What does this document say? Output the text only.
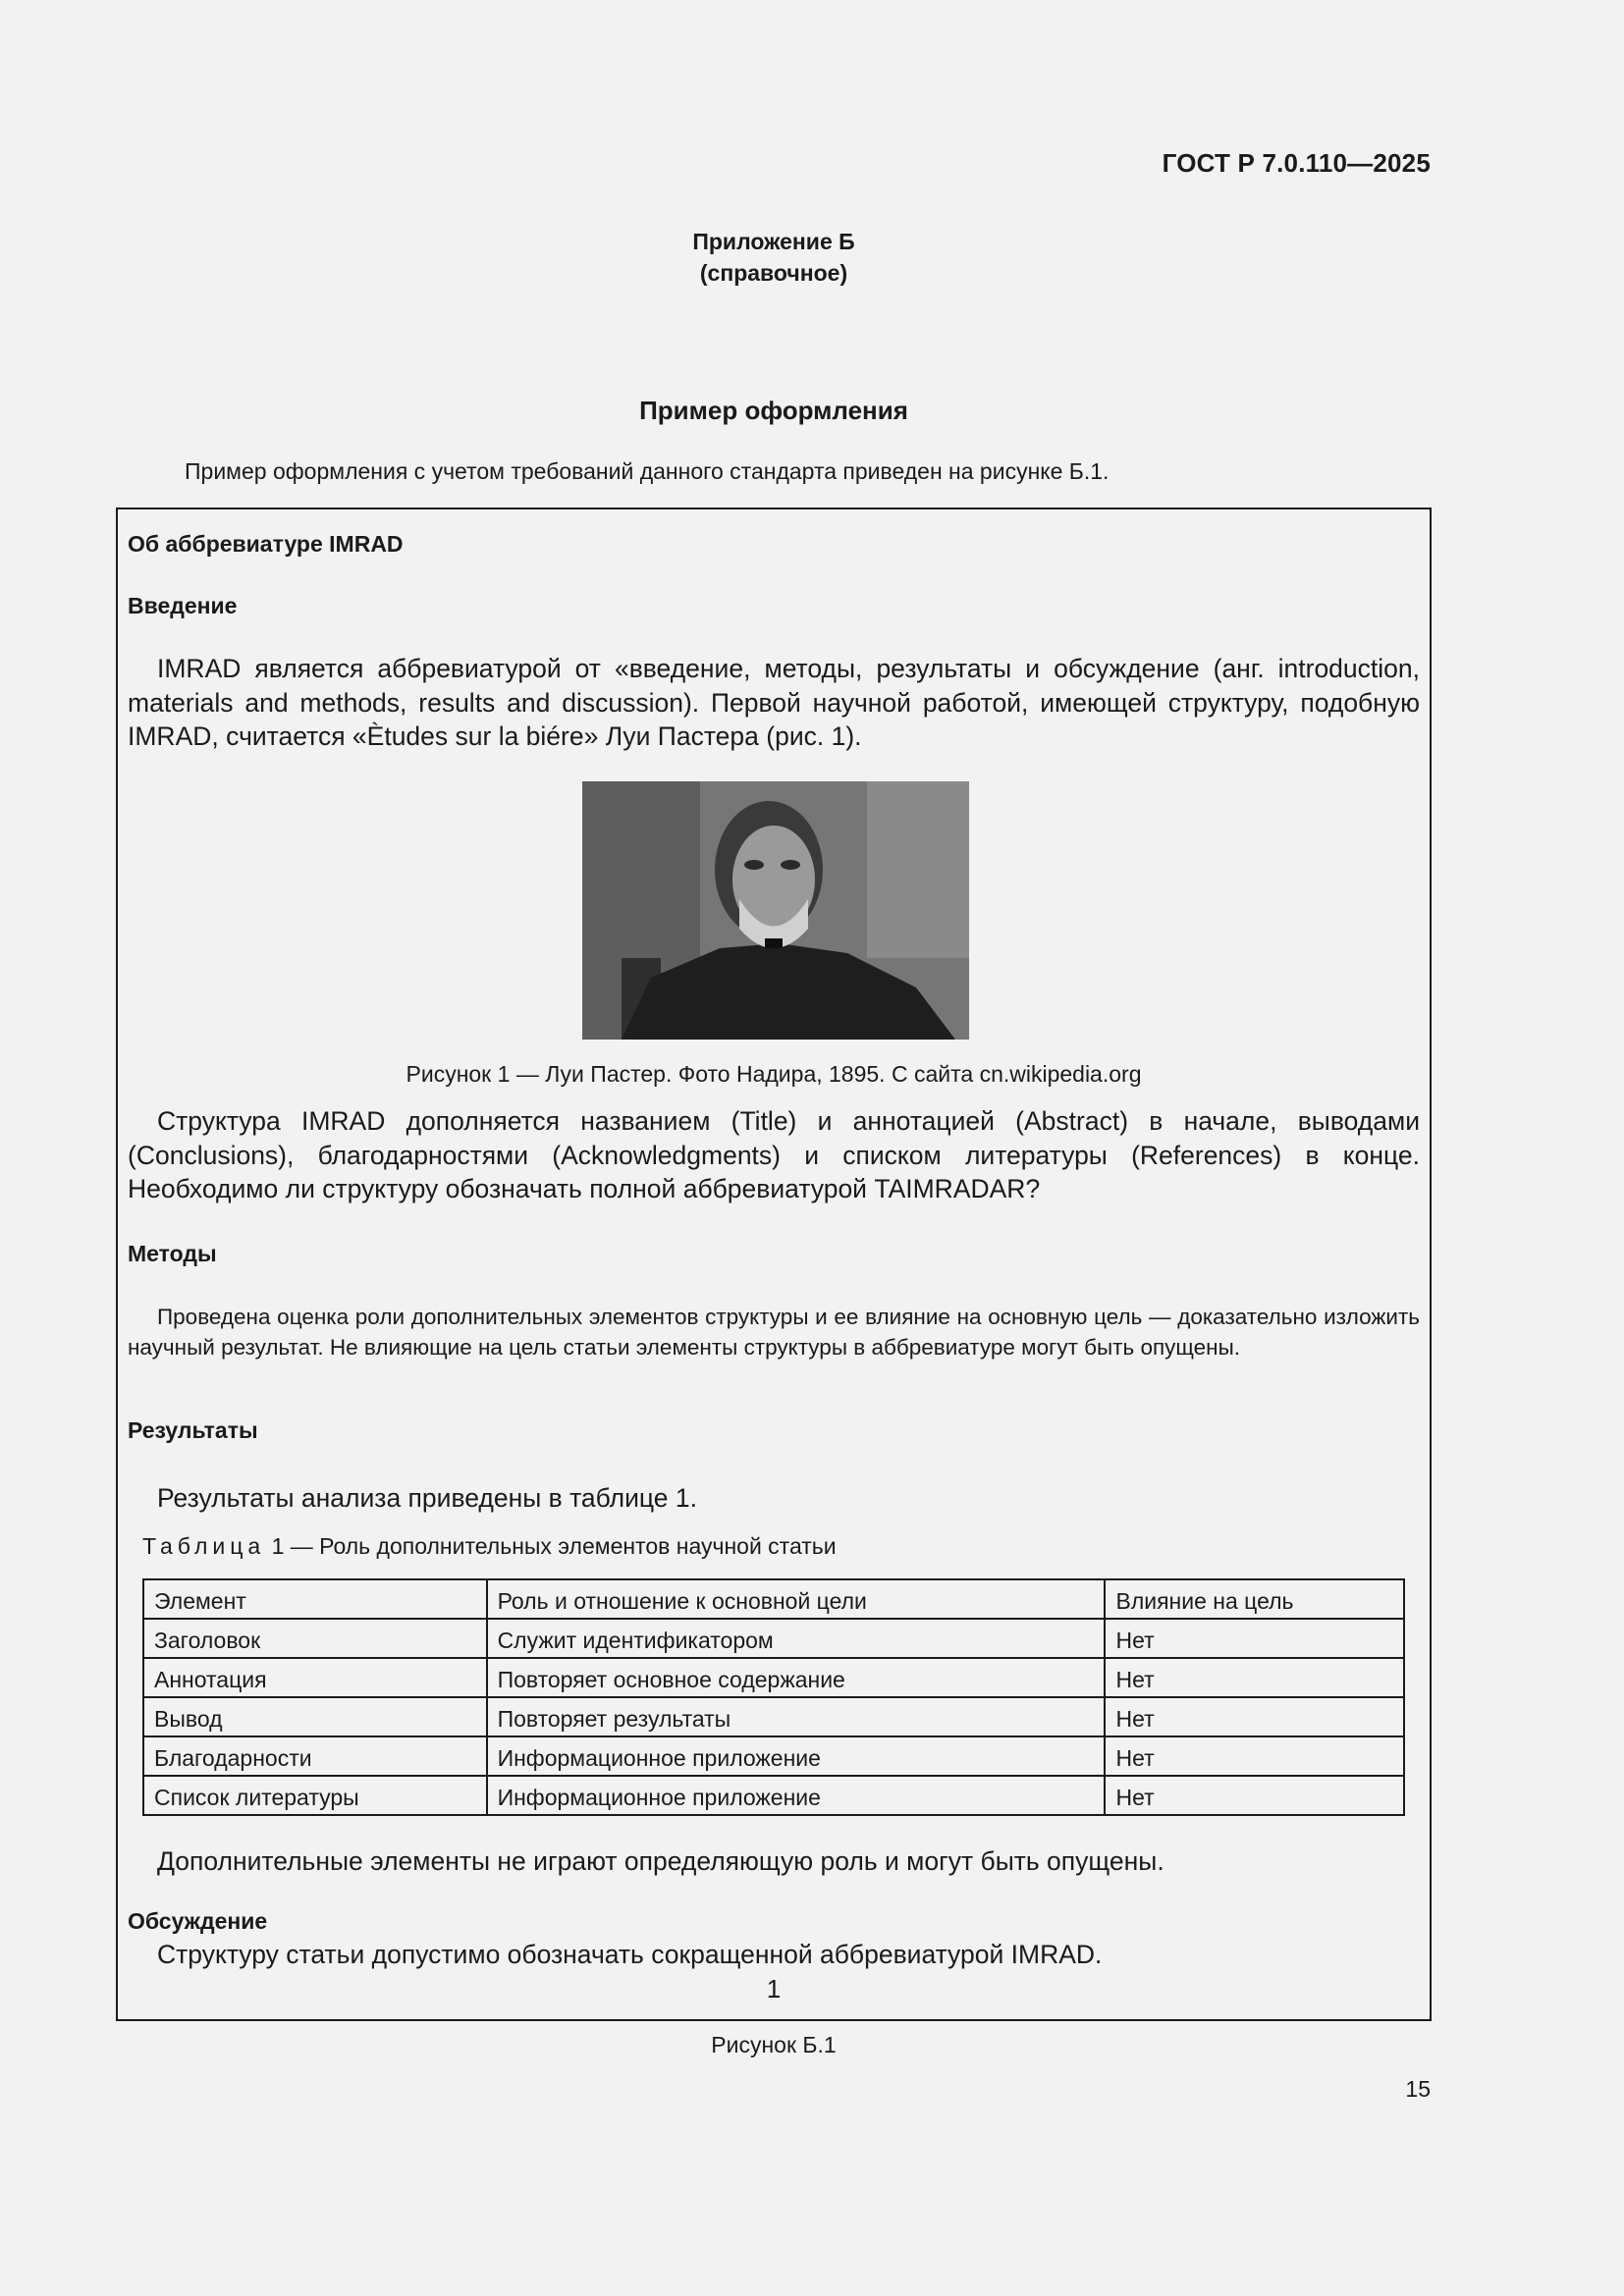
ГОСТ Р 7.0.110—2025
Приложение Б
(справочное)
Пример оформления
Пример оформления с учетом требований данного стандарта приведен на рисунке Б.1.
Об аббревиатуре IMRAD
Введение
IMRAD является аббревиатурой от «введение, методы, результаты и обсуждение (анг. introduction, materials and methods, results and discussion). Первой научной работой, имеющей структуру, подобную IMRAD, считается «Ètudes sur la biére» Луи Пастера (рис. 1).
Рисунок 1 — Луи Пастер. Фото Надира, 1895. С сайта cn.wikipedia.org
Структура IMRAD дополняется названием (Title) и аннотацией (Abstract) в начале, выводами (Conclusions), благодарностями (Acknowledgments) и списком литературы (References) в конце. Необходимо ли структуру обозначать полной аббревиатурой TAIMRADAR?
Методы
Проведена оценка роли дополнительных элементов структуры и ее влияние на основную цель — доказательно изложить научный результат. Не влияющие на цель статьи элементы структуры в аббревиатуре могут быть опущены.
Результаты
Результаты анализа приведены в таблице 1.
Таблица 1 — Роль дополнительных элементов научной статьи
Элемент	Роль и отношение к основной цели	Влияние на цель
Заголовок	Служит идентификатором	Нет
Аннотация	Повторяет основное содержание	Нет
Вывод	Повторяет результаты	Нет
Благодарности	Информационное приложение	Нет
Список литературы	Информационное приложение	Нет
Дополнительные элементы не играют определяющую роль и могут быть опущены.
Обсуждение
Структуру статьи допустимо обозначать сокращенной аббревиатурой IMRAD.
1
Рисунок Б.1
15
